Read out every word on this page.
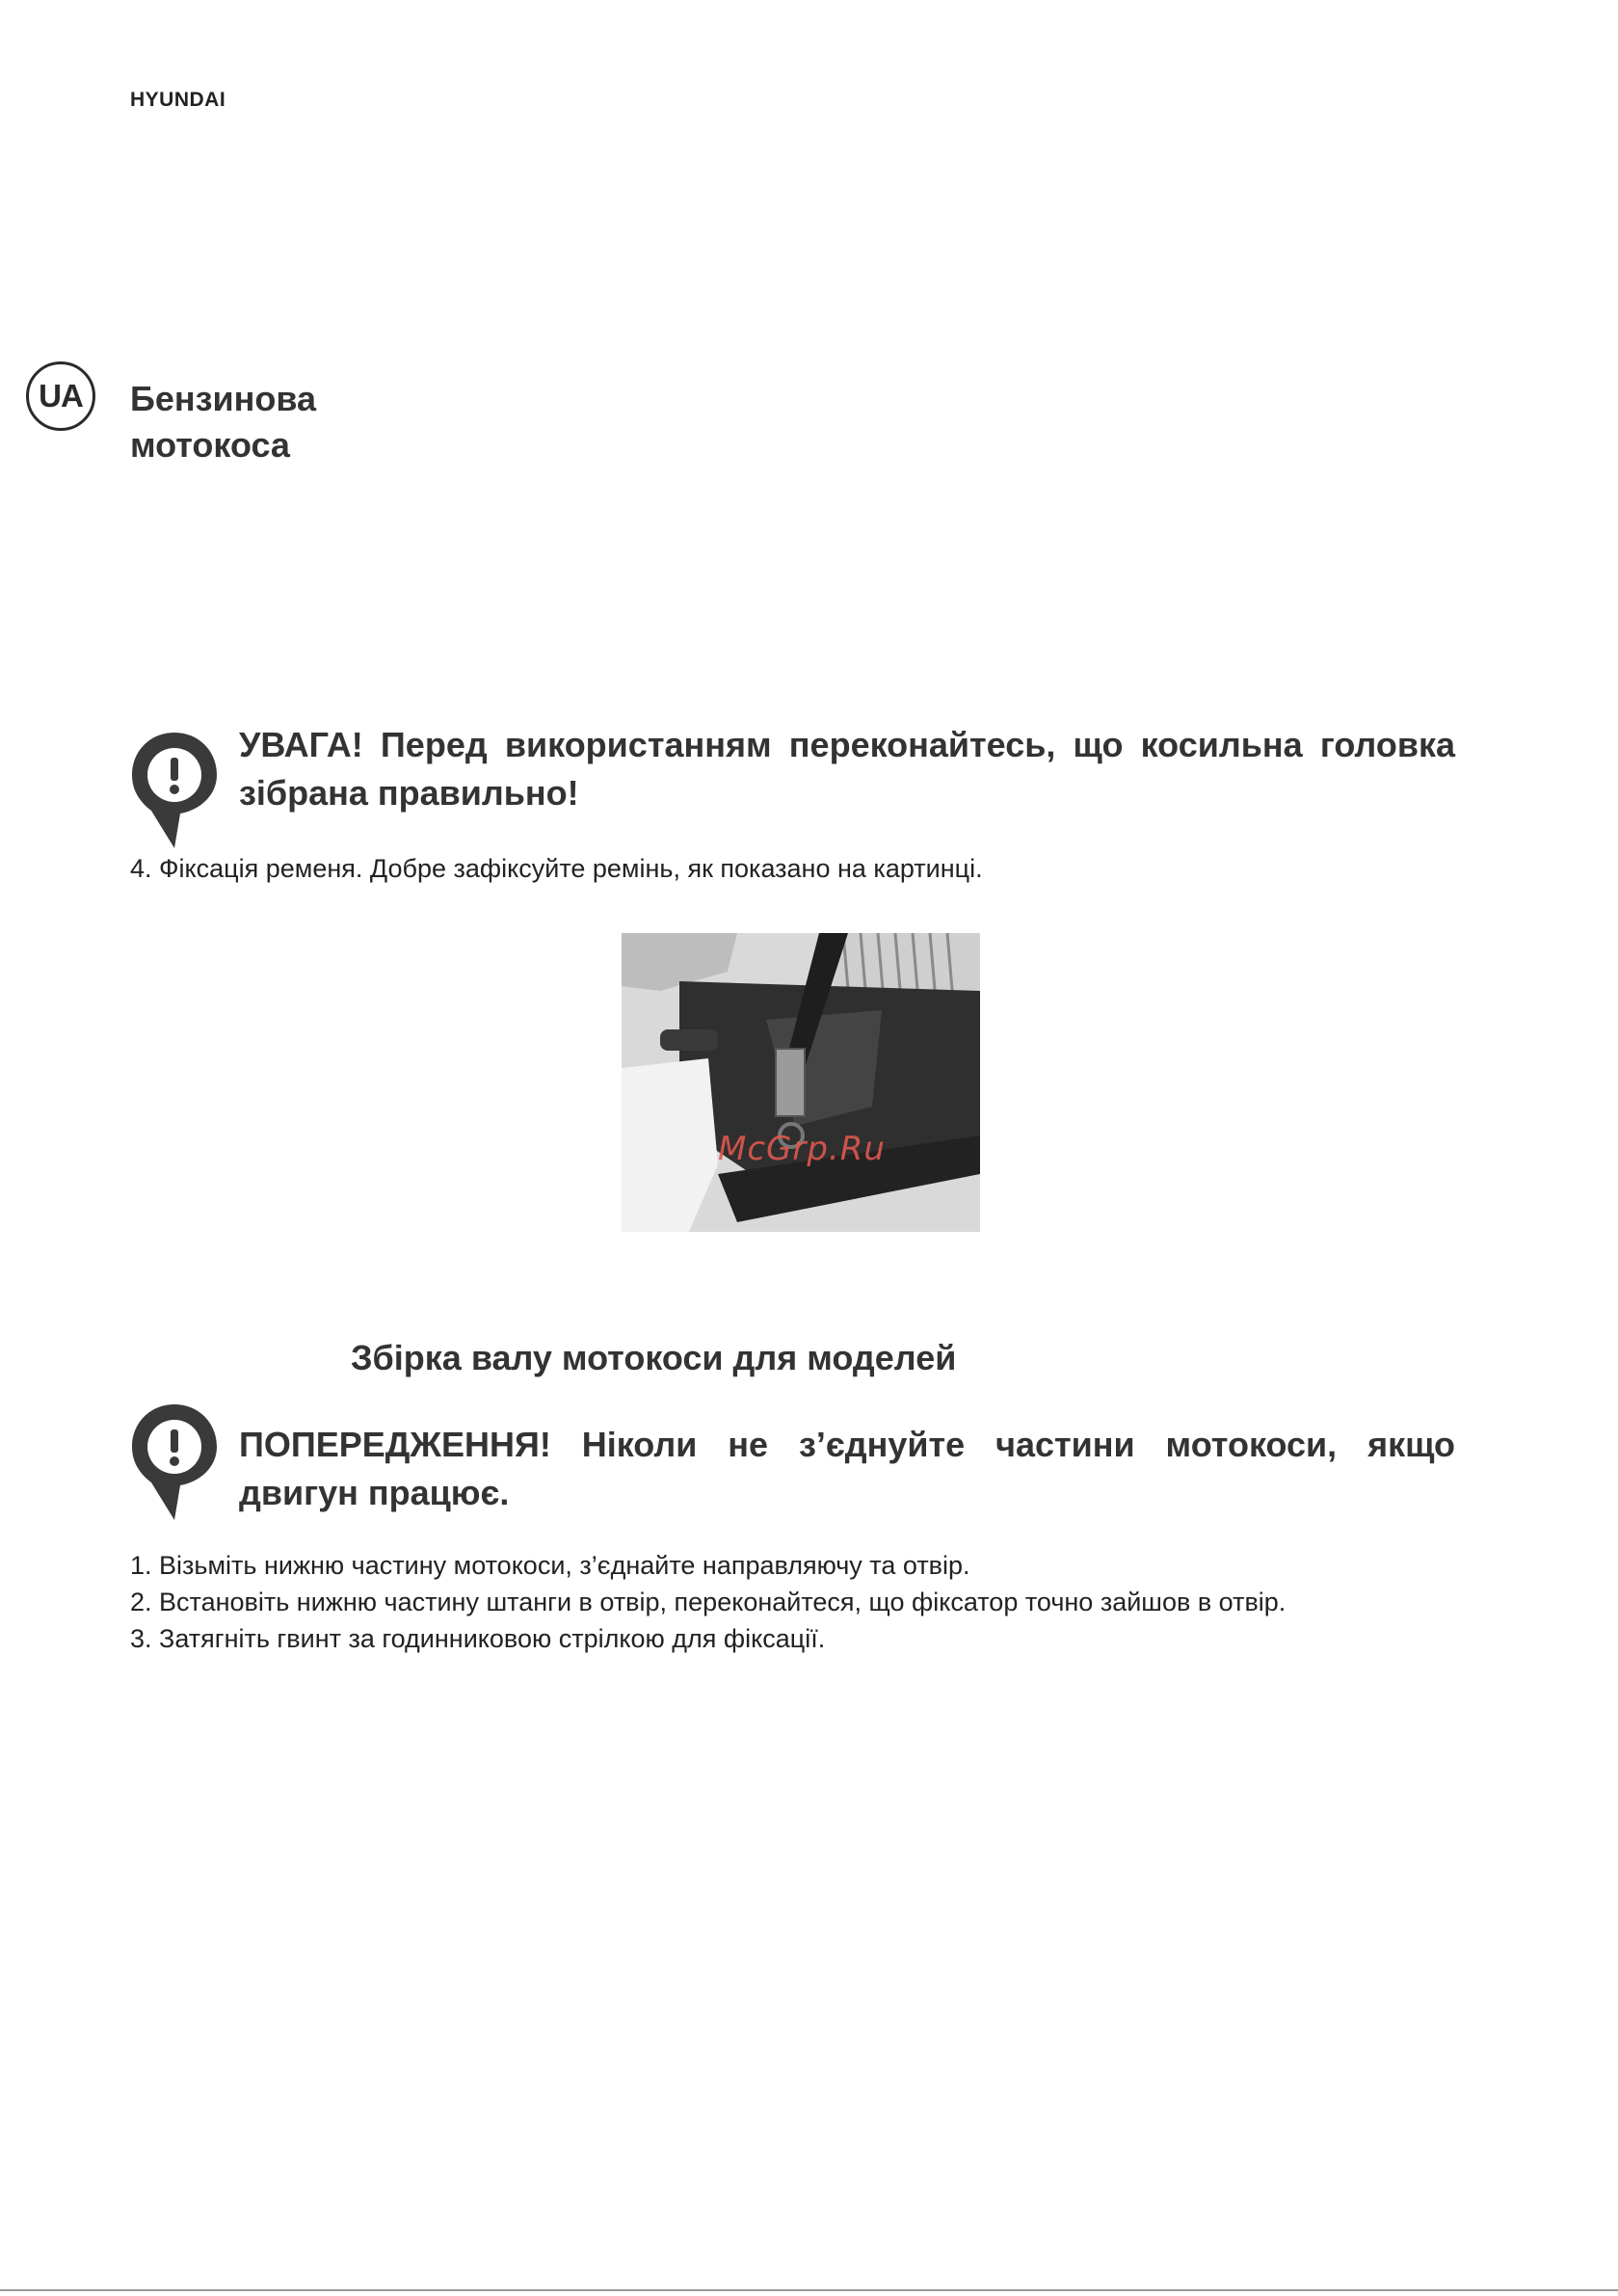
HYUNDAI
UA	Бензинова
мотокоса
УВАГА! Перед використанням переконайтесь, що косильна головка зібрана правильно!
4. Фіксація ременя. Добре зафіксуйте ремінь, як показано на картинці.
McGrp.Ru
Збірка валу мотокоси для моделей
ПОПЕРЕДЖЕННЯ! Ніколи не з’єднуйте частини мотокоси, якщо двигун працює.

1. Візьміть нижню частину мотокоси, з’єднайте направляючу та отвір.

2. Встановіть нижню частину штанги в отвір, переконайтеся, що фіксатор точно зайшов в отвір.

3. Затягніть гвинт за годинниковою стрілкою для фіксації.
